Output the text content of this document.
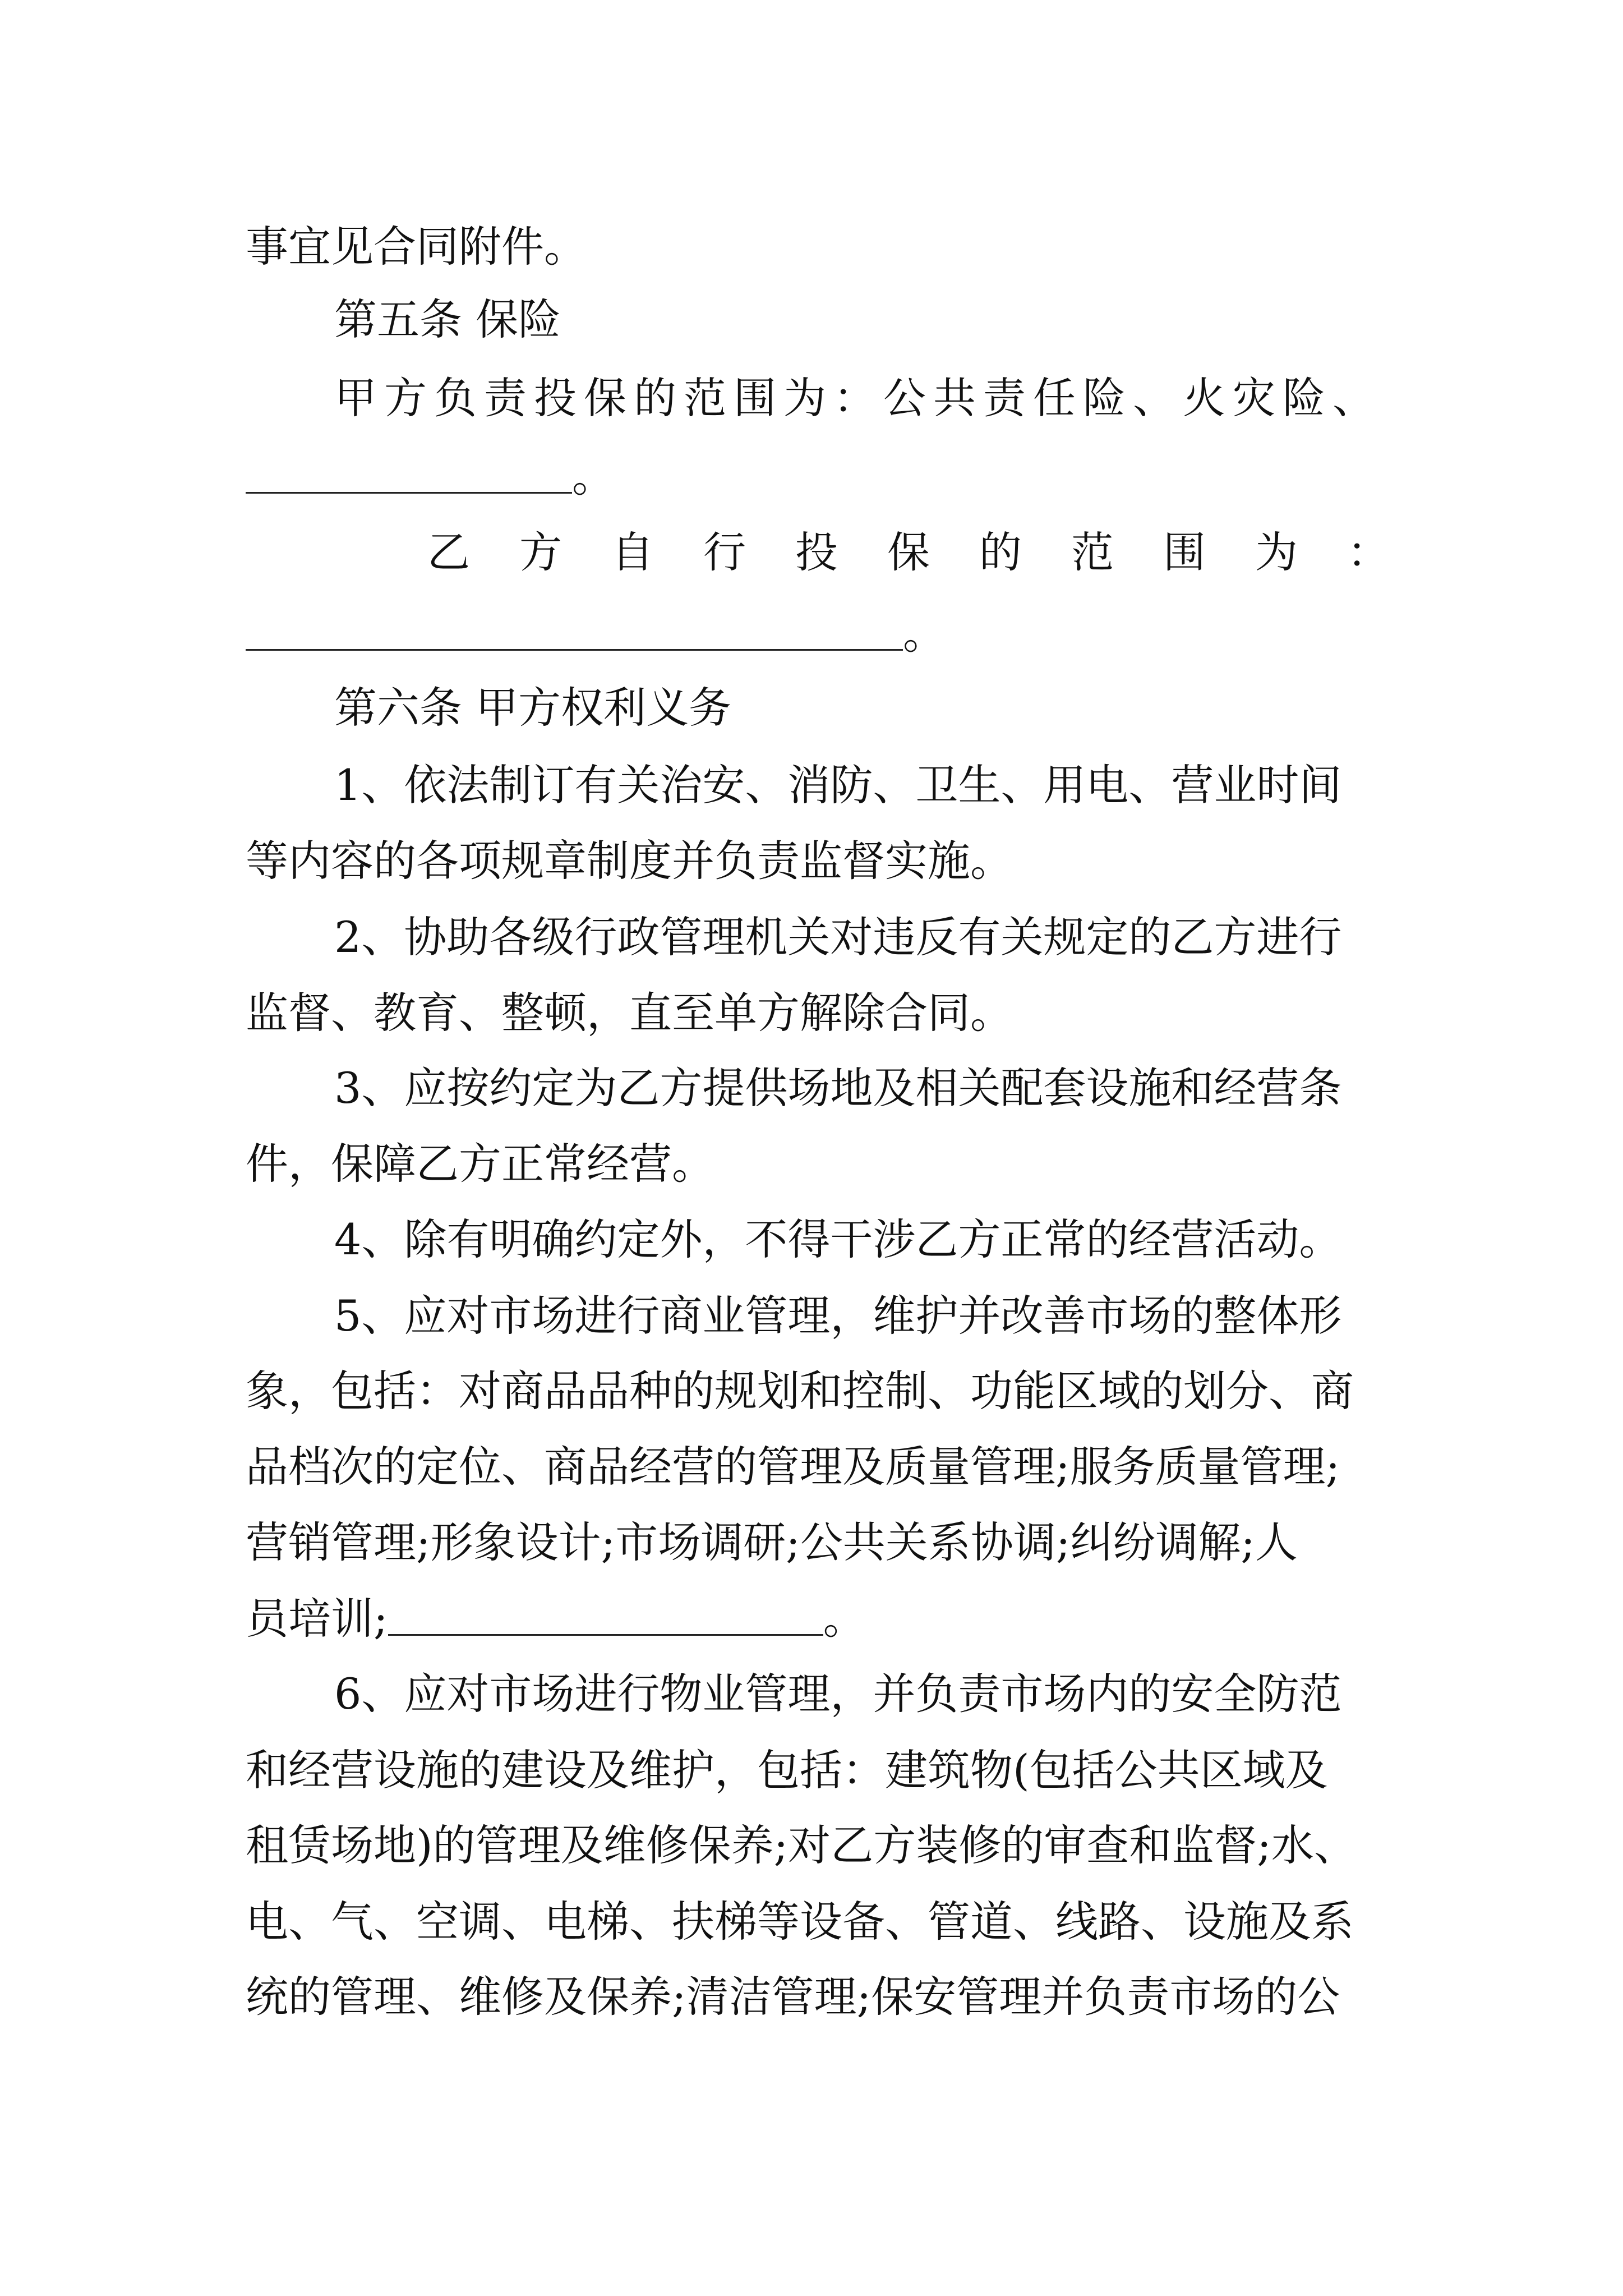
事宜见合同附件。
第五条 保险
甲方负责投保的范围为：公共责任险、火灾险、
。
乙 方 自 行 投 保 的 范 围 为 ：
。
第六条 甲方权利义务
1、依法制订有关治安、消防、卫生、用电、营业时间
等内容的各项规章制度并负责监督实施。
2、协助各级行政管理机关对违反有关规定的乙方进行
监督、教育、整顿，直至单方解除合同。
3、应按约定为乙方提供场地及相关配套设施和经营条
件，保障乙方正常经营。
4、除有明确约定外，不得干涉乙方正常的经营活动。
5、应对市场进行商业管理，维护并改善市场的整体形
象，包括：对商品品种的规划和控制、功能区域的划分、商
品档次的定位、商品经营的管理及质量管理;服务质量管理;
营销管理;形象设计;市场调研;公共关系协调;纠纷调解;人
员培训;	。
6、应对市场进行物业管理，并负责市场内的安全防范
和经营设施的建设及维护，包括：建筑物(包括公共区域及
租赁场地)的管理及维修保养;对乙方装修的审查和监督;水、
电、气、空调、电梯、扶梯等设备、管道、线路、设施及系
统的管理、维修及保养;清洁管理;保安管理并负责市场的公
